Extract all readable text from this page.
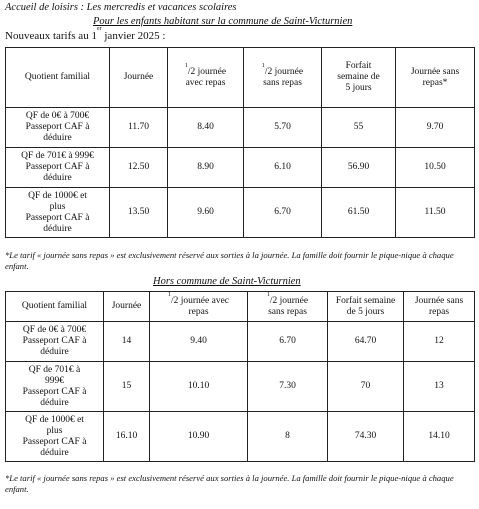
Accueil de loisirs : Les mercredis et vacances scolaires
Pour les enfants habitant sur la commune de Saint-Victurnien
Nouveaux tarifs au 1er janvier 2025 :
Quotient familial	Journée	$^1$/2 journée
avec repas	$^1$/2 journée
sans repas	Forfait
semaine de
5 jours	Journée sans
repas*
QF de 0€ à 700€
Passeport CAF à
déduire	11.70	8.40	5.70	55	9.70
QF de 701€ à 999€
Passeport CAF à
déduire	12.50	8.90	6.10	56.90	10.50
QF de 1000€ et
plus
Passeport CAF à
déduire	13.50	9.60	6.70	61.50	11.50
*Le tarif « journée sans repas » est exclusivement réservé aux sorties à la journée. La famille doit fournir le pique-nique à chaque enfant.
Hors commune de Saint-Victurnien
Quotient familial	Journée	$^1$/2 journée avec
repas	$^1$/2 journée
sans repas	Forfait semaine
de 5 jours	Journée sans
repas
QF de 0€ à 700€
Passeport CAF à
déduire	14	9.40	6.70	64.70	12
QF de 701€ à
999€
Passeport CAF à
déduire	15	10.10	7.30	70	13
QF de 1000€ et
plus
Passeport CAF à
déduire	16.10	10.90	8	74.30	14.10
*Le tarif « journée sans repas » est exclusivement réservé aux sorties à la journée. La famille doit fournir le pique-nique à chaque enfant.
